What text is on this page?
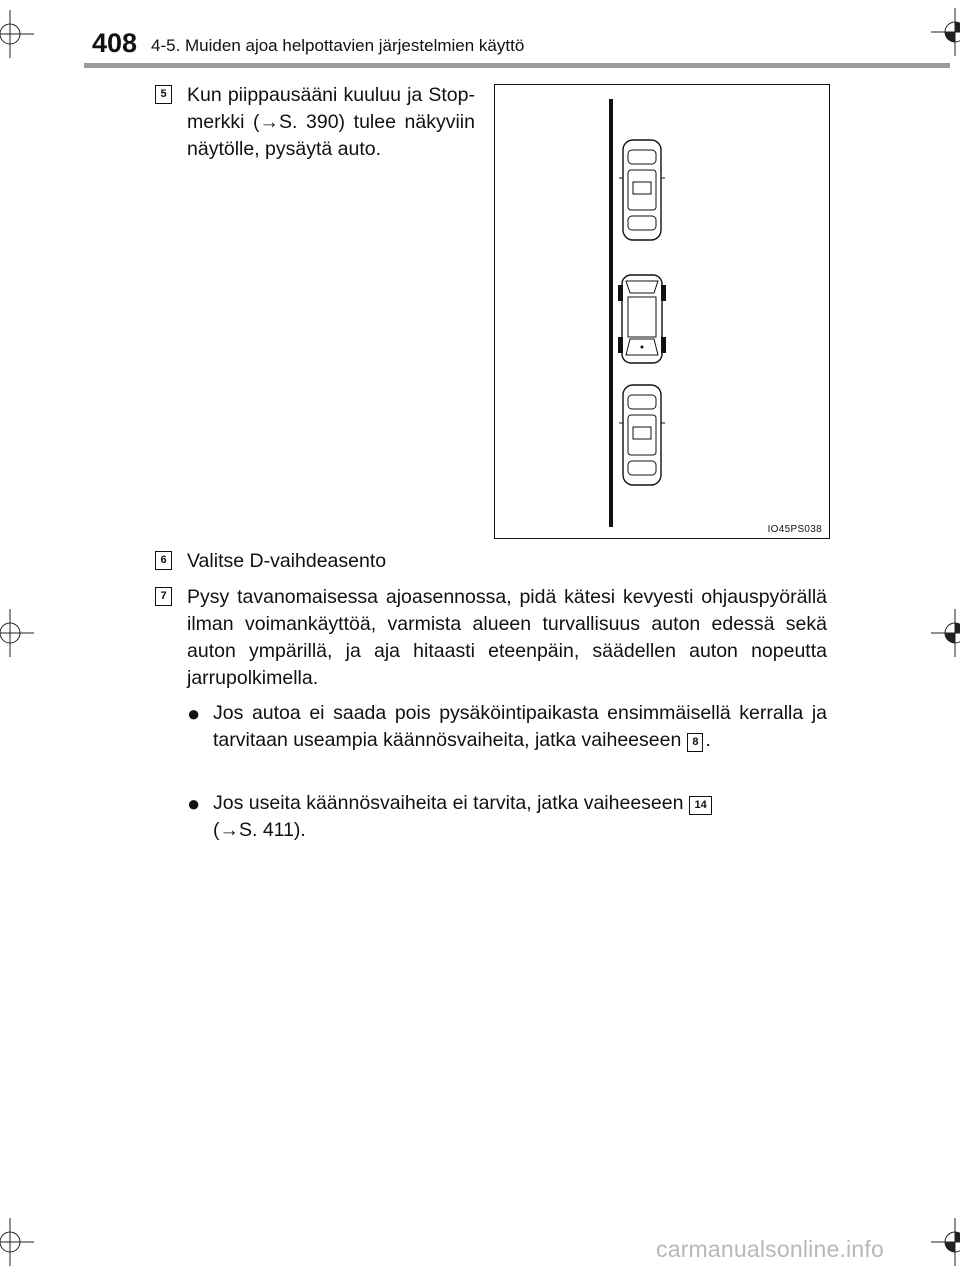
408 4-5. Muiden ajoa helpottavien järjestelmien käyttö
5 Kun piippausääni kuuluu ja Stop-merkki (→S. 390) tulee näkyviin näytölle, pysäytä auto.
IO45PS038
6 Valitse D-vaihdeasento
7 Pysy tavanomaisessa ajoasennossa, pidä kätesi kevyesti ohjauspyörällä ilman voimankäyttöä, varmista alueen turvallisuus auton edessä sekä auton ympärillä, ja aja hitaasti eteenpäin, säädellen auton nopeutta jarrupolkimella.
● Jos autoa ei saada pois pysäköintipaikasta ensimmäisellä kerralla ja tarvitaan useampia käännösvaiheita, jatka vaiheeseen 8 .
● Jos useita käännösvaiheita ei tarvita, jatka vaiheeseen 14
(→S. 411).
carmanualsonline.info
